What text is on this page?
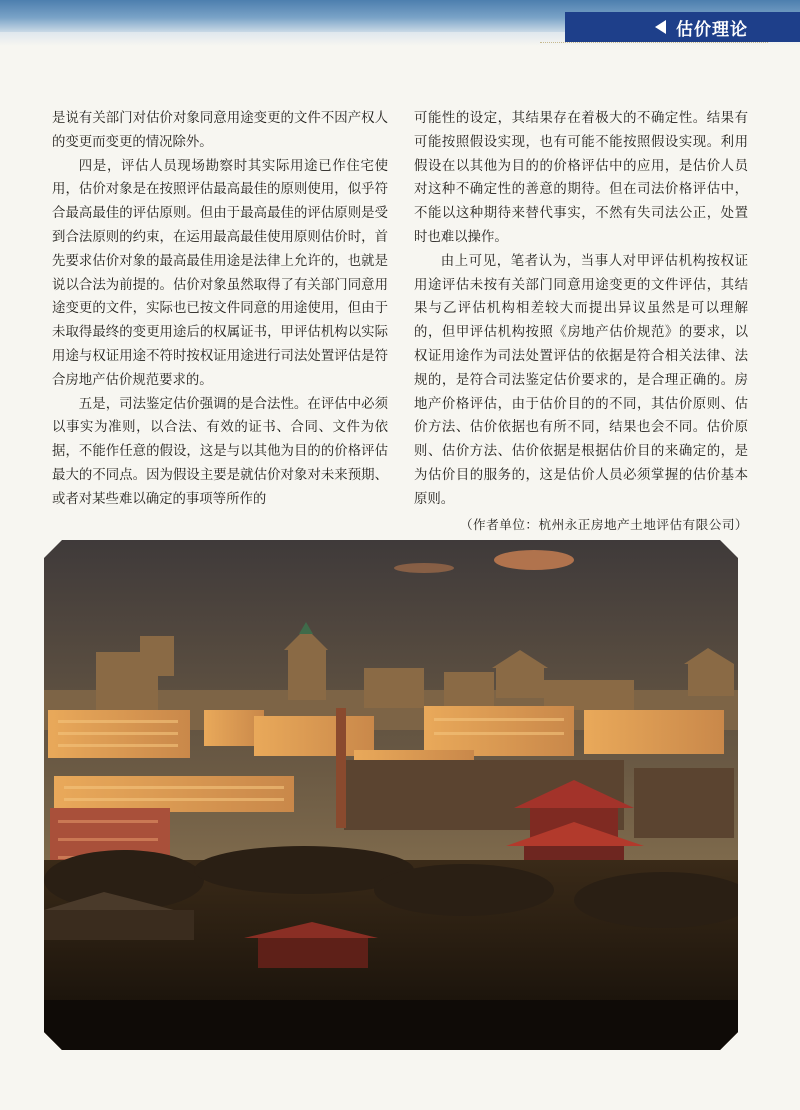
估价理论

是说有关部门对估价对象同意用途变更的文件不因产权人的变更而变更的情况除外。

四是，评估人员现场勘察时其实际用途已作住宅使用，估价对象是在按照评估最高最佳的原则使用，似乎符合最高最佳的评估原则。但由于最高最佳的评估原则是受到合法原则的约束，在运用最高最佳使用原则估价时，首先要求估价对象的最高最佳用途是法律上允许的，也就是说以合法为前提的。估价对象虽然取得了有关部门同意用途变更的文件，实际也已按文件同意的用途使用，但由于未取得最终的变更用途后的权属证书，甲评估机构以实际用途与权证用途不符时按权证用途进行司法处置评估是符合房地产估价规范要求的。

五是，司法鉴定估价强调的是合法性。在评估中必须以事实为准则，以合法、有效的证书、合同、文件为依据，不能作任意的假设，这是与以其他为目的的价格评估最大的不同点。因为假设主要是就估价对象对未来预期、或者对某些难以确定的事项等所作的

可能性的设定，其结果存在着极大的不确定性。结果有可能按照假设实现，也有可能不能按照假设实现。利用假设在以其他为目的的价格评估中的应用，是估价人员对这种不确定性的善意的期待。但在司法价格评估中，不能以这种期待来替代事实，不然有失司法公正，处置时也难以操作。

由上可见，笔者认为，当事人对甲评估机构按权证用途评估未按有关部门同意用途变更的文件评估，其结果与乙评估机构相差较大而提出异议虽然是可以理解的，但甲评估机构按照《房地产估价规范》的要求，以权证用途作为司法处置评估的依据是符合相关法律、法规的，是符合司法鉴定估价要求的，是合理正确的。房地产价格评估，由于估价目的的不同，其估价原则、估价方法、估价依据也有所不同，结果也会不同。估价原则、估价方法、估价依据是根据估价目的来确定的，是为估价目的服务的，这是估价人员必须掌握的估价基本原则。

（作者单位：杭州永正房地产土地评估有限公司）
